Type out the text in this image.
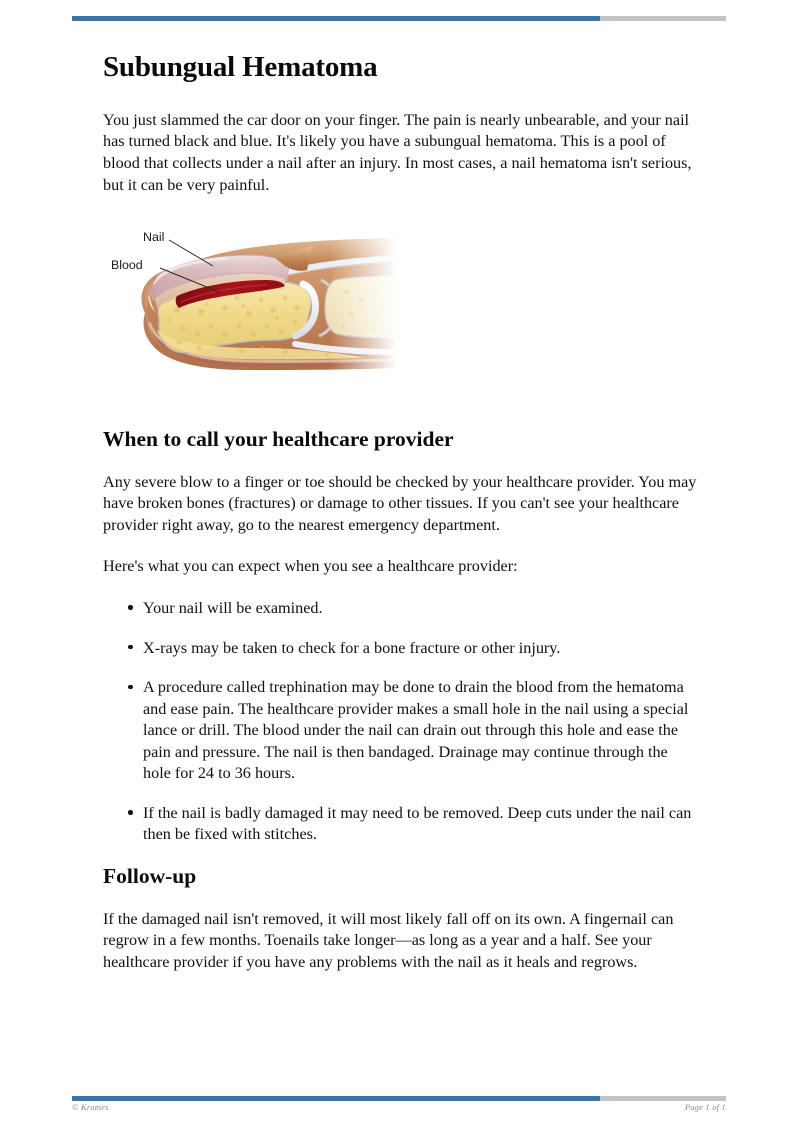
Subungual Hematoma

You just slammed the car door on your finger. The pain is nearly unbearable, and your nail has turned black and blue. It's likely you have a subungual hematoma. This is a pool of blood that collects under a nail after an injury. In most cases, a nail hematoma isn't serious, but it can be very painful.

Nail
Blood
When to call your healthcare provider

Any severe blow to a finger or toe should be checked by your healthcare provider. You may have broken bones (fractures) or damage to other tissues. If you can't see your healthcare provider right away, go to the nearest emergency department.

Here's what you can expect when you see a healthcare provider:

Your nail will be examined.
X-rays may be taken to check for a bone fracture or other injury.
A procedure called trephination may be done to drain the blood from the hematoma and ease pain. The healthcare provider makes a small hole in the nail using a special lance or drill. The blood under the nail can drain out through this hole and ease the pain and pressure. The nail is then bandaged. Drainage may continue through the hole for 24 to 36 hours.
If the nail is badly damaged it may need to be removed. Deep cuts under the nail can then be fixed with stitches.
Follow-up

If the damaged nail isn't removed, it will most likely fall off on its own. A fingernail can regrow in a few months. Toenails take longer—as long as a year and a half. See your healthcare provider if you have any problems with the nail as it heals and regrows.

© Krames	Page 1 of 1
